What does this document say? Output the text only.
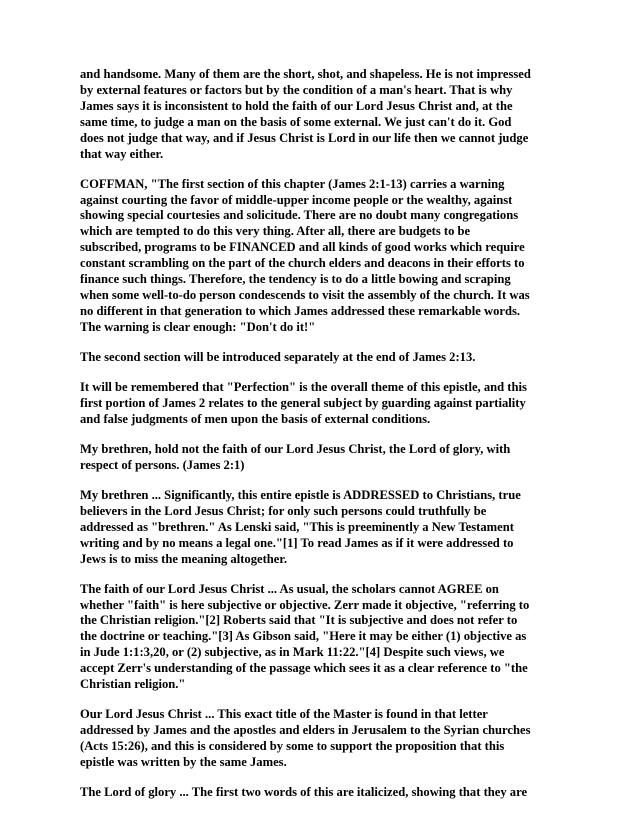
and handsome. Many of them are the short, shot, and shapeless. He is not impressed
by external features or factors but by the condition of a man's heart. That is why
James says it is inconsistent to hold the faith of our Lord Jesus Christ and, at the
same time, to judge a man on the basis of some external. We just can't do it. God
does not judge that way, and if Jesus Christ is Lord in our life then we cannot judge
that way either.
COFFMAN, "The first section of this chapter (James 2:1-13) carries a warning
against courting the favor of middle-upper income people or the wealthy, against
showing special courtesies and solicitude. There are no doubt many congregations
which are tempted to do this very thing. After all, there are budgets to be
subscribed, programs to be FINANCED and all kinds of good works which require
constant scrambling on the part of the church elders and deacons in their efforts to
finance such things. Therefore, the tendency is to do a little bowing and scraping
when some well-to-do person condescends to visit the assembly of the church. It was
no different in that generation to which James addressed these remarkable words.
The warning is clear enough: "Don't do it!"
The second section will be introduced separately at the end of James 2:13.
It will be remembered that "Perfection" is the overall theme of this epistle, and this
first portion of James 2 relates to the general subject by guarding against partiality
and false judgments of men upon the basis of external conditions.
My brethren, hold not the faith of our Lord Jesus Christ, the Lord of glory, with
respect of persons. (James 2:1)
My brethren ... Significantly, this entire epistle is ADDRESSED to Christians, true
believers in the Lord Jesus Christ; for only such persons could truthfully be
addressed as "brethren." As Lenski said, "This is preeminently a New Testament
writing and by no means a legal one."[1] To read James as if it were addressed to
Jews is to miss the meaning altogether.
The faith of our Lord Jesus Christ ... As usual, the scholars cannot AGREE on
whether "faith" is here subjective or objective. Zerr made it objective, "referring to
the Christian religion."[2] Roberts said that "It is subjective and does not refer to
the doctrine or teaching."[3] As Gibson said, "Here it may be either (1) objective as
in Jude 1:1:3,20, or (2) subjective, as in Mark 11:22."[4] Despite such views, we
accept Zerr's understanding of the passage which sees it as a clear reference to "the
Christian religion."
Our Lord Jesus Christ ... This exact title of the Master is found in that letter
addressed by James and the apostles and elders in Jerusalem to the Syrian churches
(Acts 15:26), and this is considered by some to support the proposition that this
epistle was written by the same James.
The Lord of glory ... The first two words of this are italicized, showing that they are
